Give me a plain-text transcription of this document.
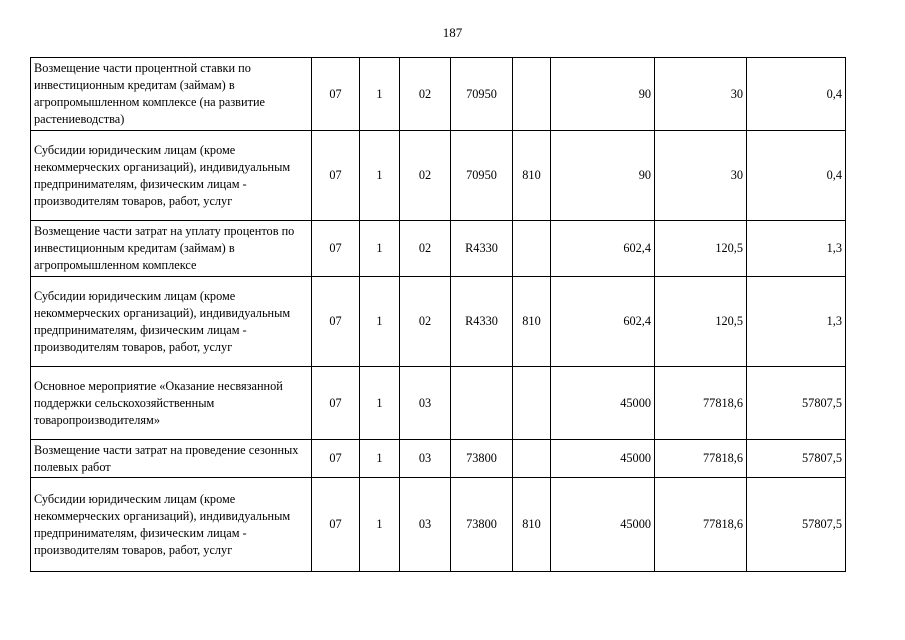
187
Возмещение части процентной ставки по инвестиционным кредитам (займам) в агропромышленном комплексе (на развитие растениеводства)	07	1	02	70950		90	30	0,4
Субсидии юридическим лицам (кроме некоммерческих организаций), индивидуальным предпринимателям, физическим лицам - производителям товаров, работ, услуг	07	1	02	70950	810	90	30	0,4
Возмещение части затрат на уплату процентов по инвестиционным кредитам (займам) в агропромышленном комплексе	07	1	02	R4330		602,4	120,5	1,3
Субсидии юридическим лицам (кроме некоммерческих организаций), индивидуальным предпринимателям, физическим лицам - производителям товаров, работ, услуг	07	1	02	R4330	810	602,4	120,5	1,3
Основное мероприятие «Оказание несвязанной поддержки сельскохозяйственным товаропроизводителям»	07	1	03			45000	77818,6	57807,5
Возмещение части затрат на проведение сезонных полевых работ	07	1	03	73800		45000	77818,6	57807,5
Субсидии юридическим лицам (кроме некоммерческих организаций), индивидуальным предпринимателям, физическим лицам - производителям товаров, работ, услуг	07	1	03	73800	810	45000	77818,6	57807,5
